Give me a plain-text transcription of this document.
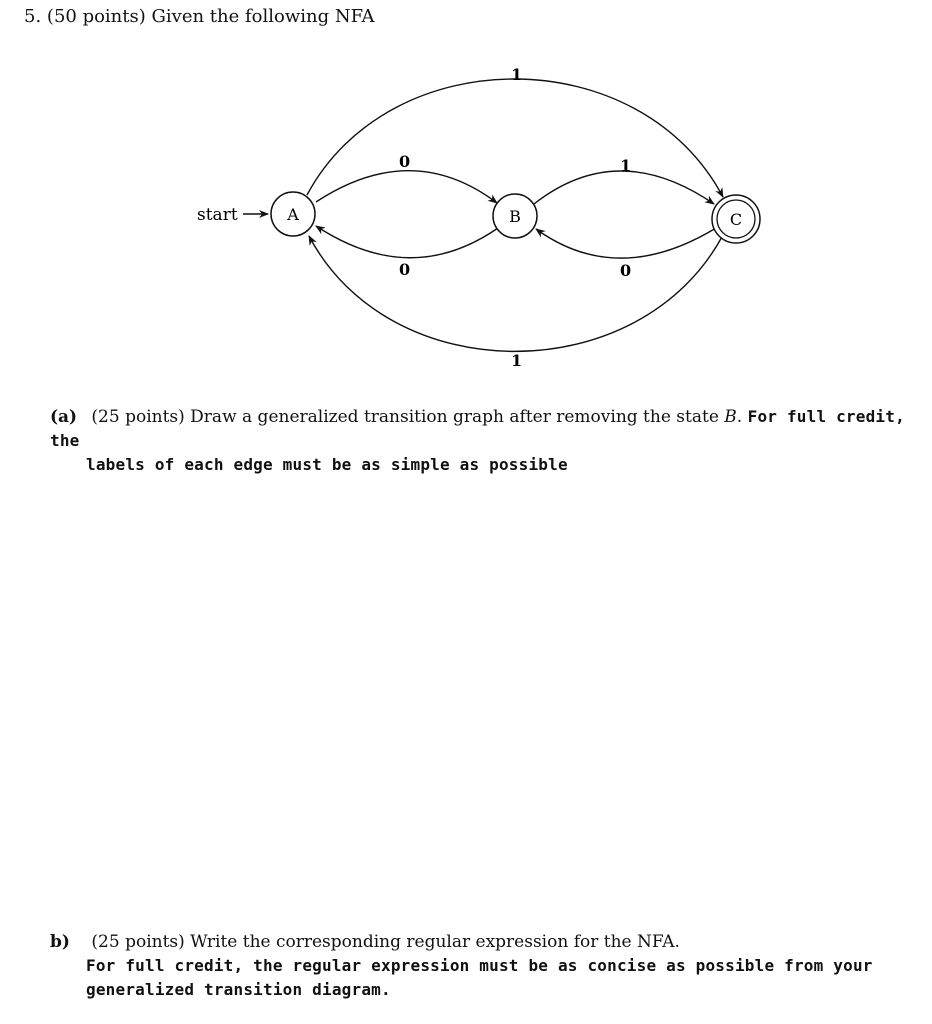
5. (50 points) Given the following NFA
start
1
0	1
0	0
1
A	B	C
(a) (25 points) Draw a generalized transition graph after removing the state B. For full credit, the
labels of each edge must be as simple as possible
b) (25 points) Write the corresponding regular expression for the NFA.
For full credit, the regular expression must be as concise as possible from your generalized transition diagram.
